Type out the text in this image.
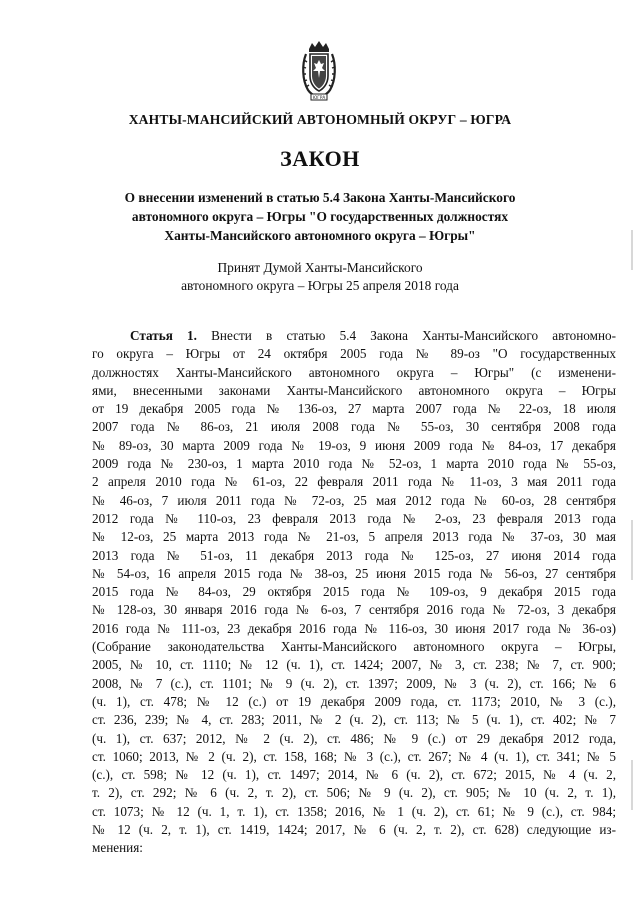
ЮГРА
ХАНТЫ-МАНСИЙСКИЙ АВТОНОМНЫЙ ОКРУГ – ЮГРА
ЗАКОН
О внесении изменений в статью 5.4 Закона Ханты-Мансийского
автономного округа – Югры "О государственных должностях
Ханты-Мансийского автономного округа – Югры"
Принят Думой Ханты-Мансийского
автономного округа – Югры 25 апреля 2018 года
Статья 1. Внести в статью 5.4 Закона Ханты-Мансийского автономно-
го округа – Югры от 24 октября 2005 года № 89-оз "О государственных
должностях Ханты-Мансийского автономного округа – Югры" (с изменени-
ями, внесенными законами Ханты-Мансийского автономного округа – Югры
от 19 декабря 2005 года № 136-оз, 27 марта 2007 года № 22-оз, 18 июля
2007 года № 86-оз, 21 июля 2008 года № 55-оз, 30 сентября 2008 года
№ 89-оз, 30 марта 2009 года № 19-оз, 9 июня 2009 года № 84-оз, 17 декабря
2009 года № 230-оз, 1 марта 2010 года № 52-оз, 1 марта 2010 года № 55-оз,
2 апреля 2010 года № 61-оз, 22 февраля 2011 года № 11-оз, 3 мая 2011 года
№ 46-оз, 7 июля 2011 года № 72-оз, 25 мая 2012 года № 60-оз, 28 сентября
2012 года № 110-оз, 23 февраля 2013 года № 2-оз, 23 февраля 2013 года
№ 12-оз, 25 марта 2013 года № 21-оз, 5 апреля 2013 года № 37-оз, 30 мая
2013 года № 51-оз, 11 декабря 2013 года № 125-оз, 27 июня 2014 года
№ 54-оз, 16 апреля 2015 года № 38-оз, 25 июня 2015 года № 56-оз, 27 сентября
2015 года № 84-оз, 29 октября 2015 года № 109-оз, 9 декабря 2015 года
№ 128-оз, 30 января 2016 года № 6-оз, 7 сентября 2016 года № 72-оз, 3 декабря
2016 года № 111-оз, 23 декабря 2016 года № 116-оз, 30 июня 2017 года № 36-оз)
(Собрание законодательства Ханты-Мансийского автономного округа – Югры,
2005, № 10, ст. 1110; № 12 (ч. 1), ст. 1424; 2007, № 3, ст. 238; № 7, ст. 900;
2008, № 7 (с.), ст. 1101; № 9 (ч. 2), ст. 1397; 2009, № 3 (ч. 2), ст. 166; № 6
(ч. 1), ст. 478; № 12 (с.) от 19 декабря 2009 года, ст. 1173; 2010, № 3 (с.),
ст. 236, 239; № 4, ст. 283; 2011, № 2 (ч. 2), ст. 113; № 5 (ч. 1), ст. 402; № 7
(ч. 1), ст. 637; 2012, № 2 (ч. 2), ст. 486; № 9 (с.) от 29 декабря 2012 года,
ст. 1060; 2013, № 2 (ч. 2), ст. 158, 168; № 3 (с.), ст. 267; № 4 (ч. 1), ст. 341; № 5
(с.), ст. 598; № 12 (ч. 1), ст. 1497; 2014, № 6 (ч. 2), ст. 672; 2015, № 4 (ч. 2,
т. 2), ст. 292; № 6 (ч. 2, т. 2), ст. 506; № 9 (ч. 2), ст. 905; № 10 (ч. 2, т. 1),
ст. 1073; № 12 (ч. 1, т. 1), ст. 1358; 2016, № 1 (ч. 2), ст. 61; № 9 (с.), ст. 984;
№ 12 (ч. 2, т. 1), ст. 1419, 1424; 2017, № 6 (ч. 2, т. 2), ст. 628) следующие из-
менения:
